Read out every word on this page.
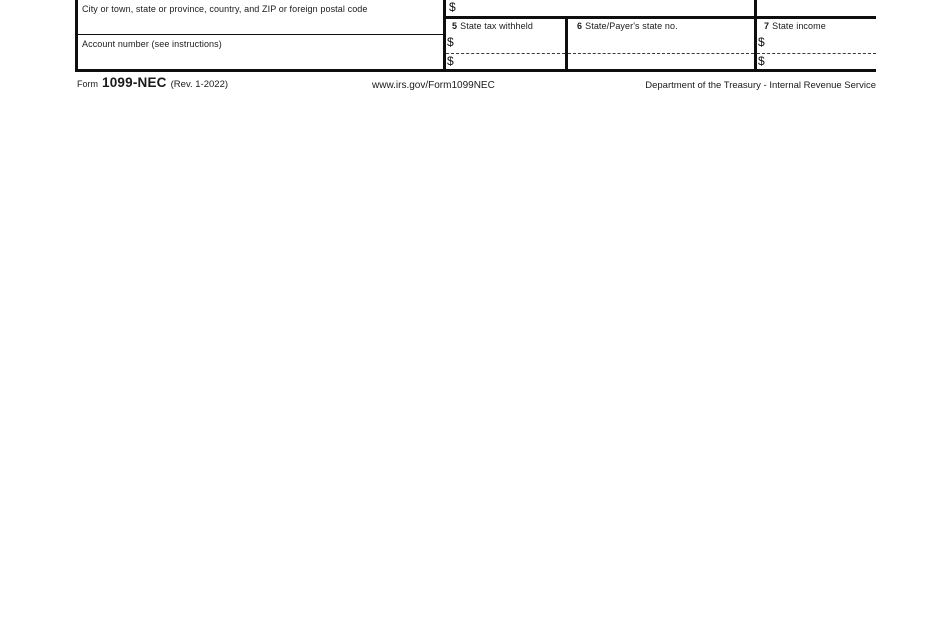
City or town, state or province, country, and ZIP or foreign postal code
Account number (see instructions)
$
5 State tax withheld
$
$
6 State/Payer's state no.	7 State income
$
$
Form 1099-NEC (Rev. 1-2022)	www.irs.gov/Form1099NEC	Department of the Treasury - Internal Revenue Service
